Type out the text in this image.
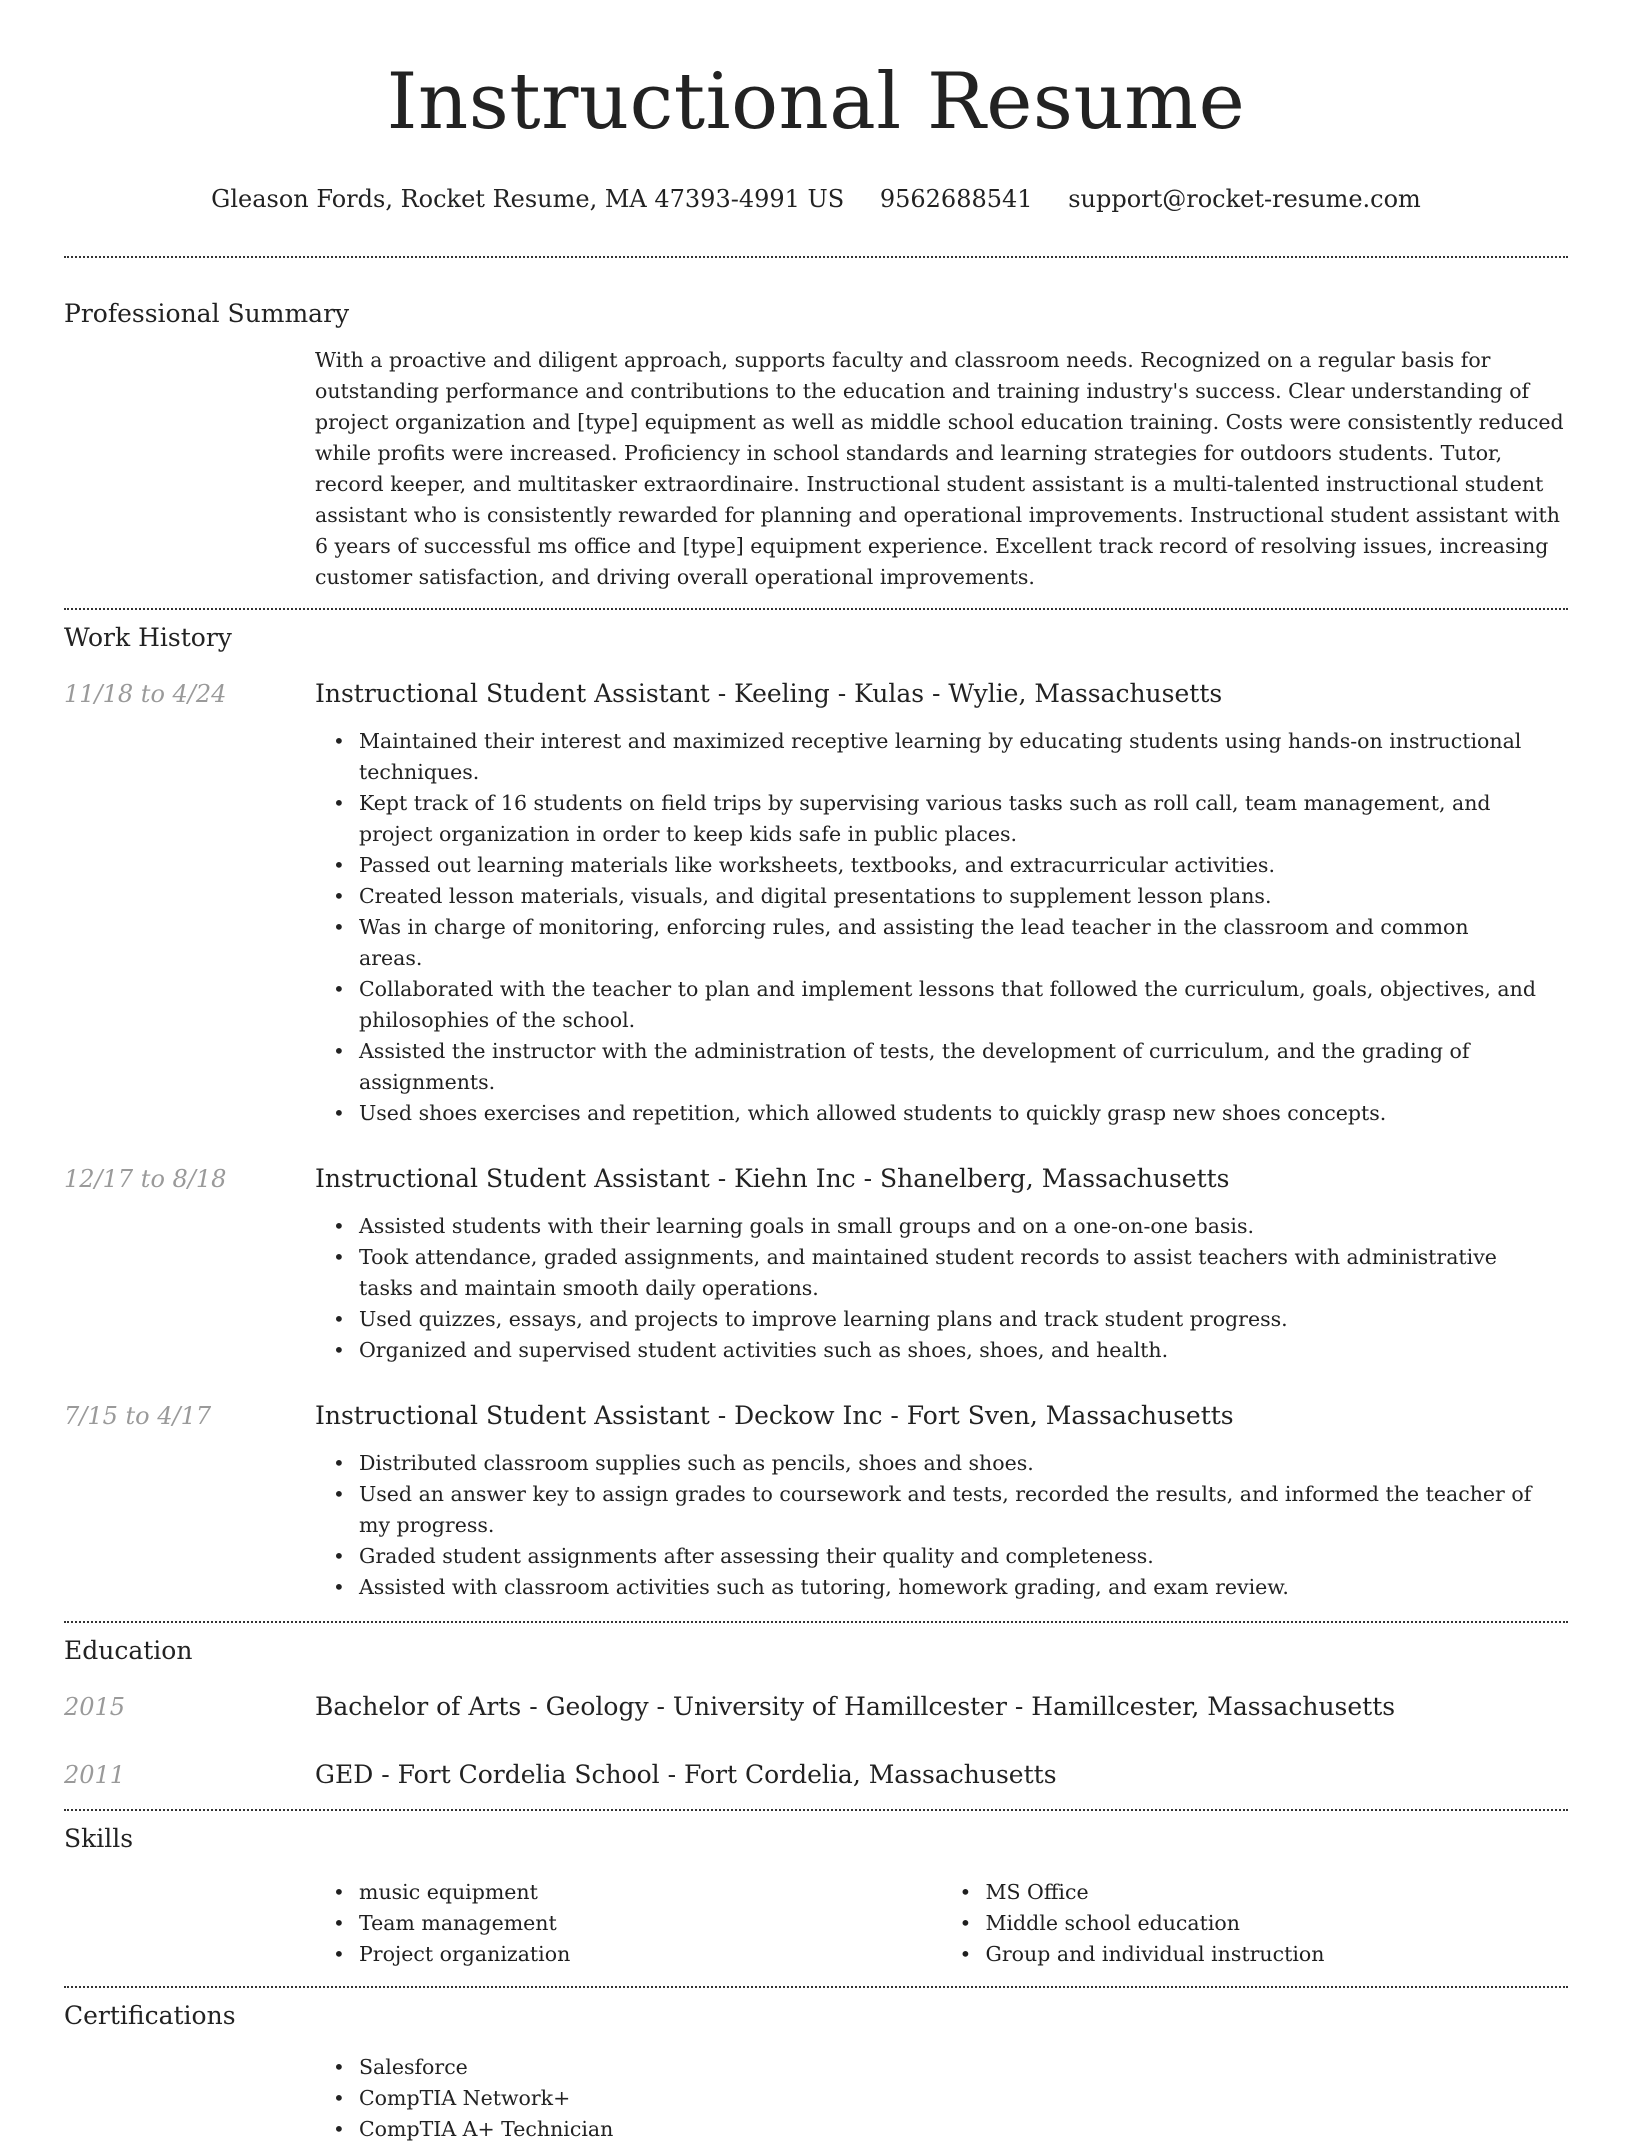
Instructional Resume
Gleason Fords, Rocket Resume, MA 47393-4991 US 9562688541 support@rocket-resume.com
Professional Summary
With a proactive and diligent approach, supports faculty and classroom needs. Recognized on a regular basis for outstanding performance and contributions to the education and training industry's success. Clear understanding of project organization and [type] equipment as well as middle school education training. Costs were consistently reduced while profits were increased. Proficiency in school standards and learning strategies for outdoors students. Tutor, record keeper, and multitasker extraordinaire. Instructional student assistant is a multi-talented instructional student assistant who is consistently rewarded for planning and operational improvements. Instructional student assistant with 6 years of successful ms office and [type] equipment experience. Excellent track record of resolving issues, increasing customer satisfaction, and driving overall operational improvements.
Work History
11/18 to 4/24	Instructional Student Assistant - Keeling - Kulas - Wylie, Massachusetts
• Maintained their interest and maximized receptive learning by educating students using hands-on instructional techniques.
• Kept track of 16 students on field trips by supervising various tasks such as roll call, team management, and project organization in order to keep kids safe in public places.
• Passed out learning materials like worksheets, textbooks, and extracurricular activities.
• Created lesson materials, visuals, and digital presentations to supplement lesson plans.
• Was in charge of monitoring, enforcing rules, and assisting the lead teacher in the classroom and common areas.
• Collaborated with the teacher to plan and implement lessons that followed the curriculum, goals, objectives, and philosophies of the school.
• Assisted the instructor with the administration of tests, the development of curriculum, and the grading of assignments.
• Used shoes exercises and repetition, which allowed students to quickly grasp new shoes concepts.
12/17 to 8/18	Instructional Student Assistant - Kiehn Inc - Shanelberg, Massachusetts
• Assisted students with their learning goals in small groups and on a one-on-one basis.
• Took attendance, graded assignments, and maintained student records to assist teachers with administrative tasks and maintain smooth daily operations.
• Used quizzes, essays, and projects to improve learning plans and track student progress.
• Organized and supervised student activities such as shoes, shoes, and health.
7/15 to 4/17	Instructional Student Assistant - Deckow Inc - Fort Sven, Massachusetts
• Distributed classroom supplies such as pencils, shoes and shoes.
• Used an answer key to assign grades to coursework and tests, recorded the results, and informed the teacher of my progress.
• Graded student assignments after assessing their quality and completeness.
• Assisted with classroom activities such as tutoring, homework grading, and exam review.
Education
2015	Bachelor of Arts - Geology - University of Hamillcester - Hamillcester, Massachusetts
2011	GED - Fort Cordelia School - Fort Cordelia, Massachusetts
Skills
• music equipment
• Team management
• Project organization
• MS Office
• Middle school education
• Group and individual instruction
Certifications
• Salesforce
• CompTIA Network+
• CompTIA A+ Technician
